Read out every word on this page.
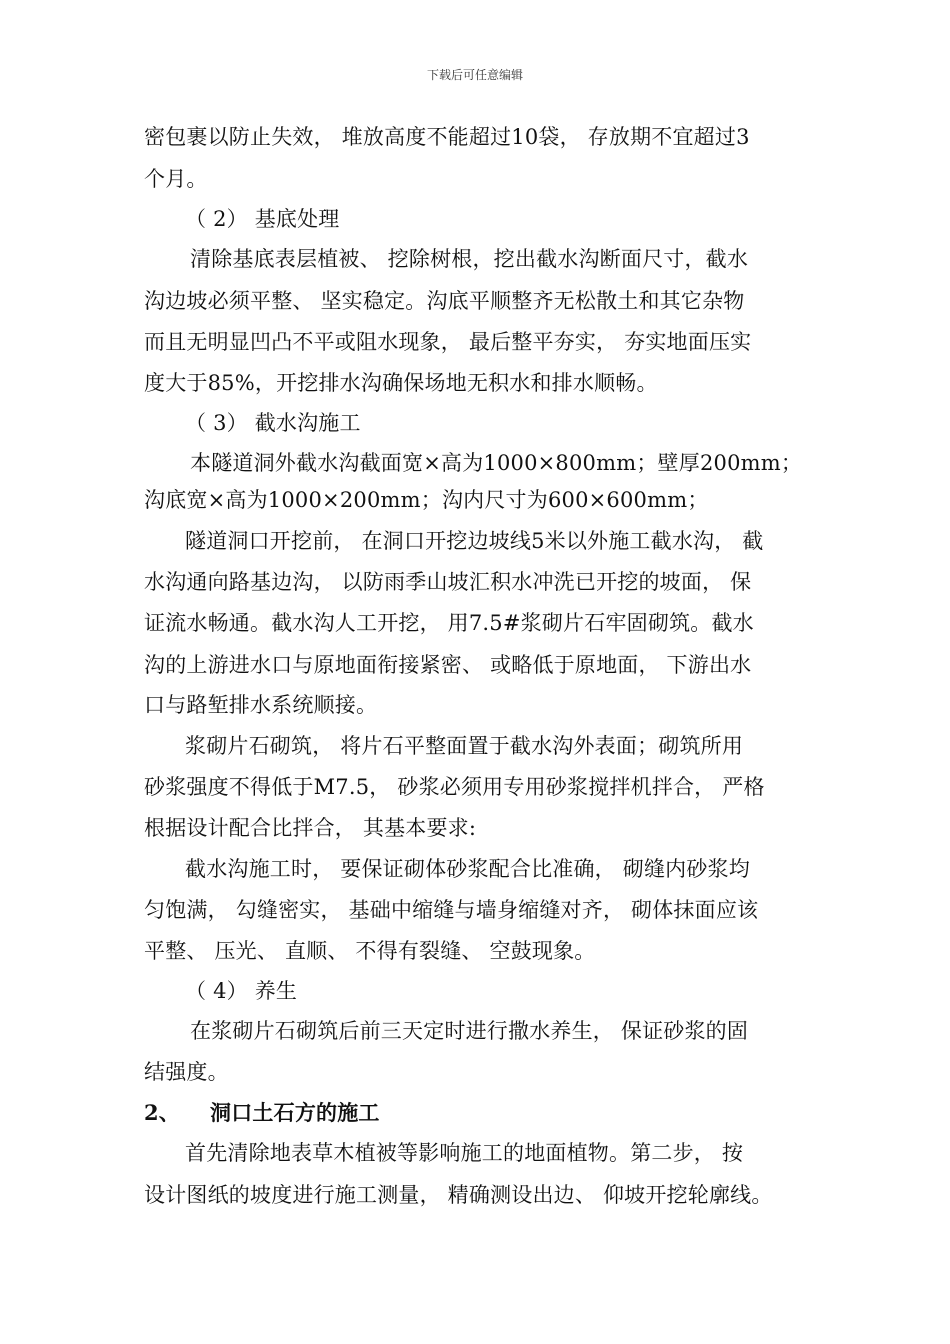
下载后可任意编辑
密包裹以防止失效， 堆放高度不能超过10袋， 存放期不宜超过3
个月。
（ 2） 基底处理
清除基底表层植被、 挖除树根，挖出截水沟断面尺寸，截水
沟边坡必须平整、 坚实稳定。沟底平顺整齐无松散土和其它杂物
而且无明显凹凸不平或阻水现象， 最后整平夯实， 夯实地面压实
度大于85%，开挖排水沟确保场地无积水和排水顺畅。
（ 3） 截水沟施工
本隧道洞外截水沟截面宽×高为1000×800mm；壁厚200mm；
沟底宽×高为1000×200mm；沟内尺寸为600×600mm；
隧道洞口开挖前， 在洞口开挖边坡线5米以外施工截水沟， 截
水沟通向路基边沟， 以防雨季山坡汇积水冲洗已开挖的坡面， 保
证流水畅通。截水沟人工开挖， 用7.5#浆砌片石牢固砌筑。截水
沟的上游进水口与原地面衔接紧密、 或略低于原地面， 下游出水
口与路堑排水系统顺接。
浆砌片石砌筑， 将片石平整面置于截水沟外表面；砌筑所用
砂浆强度不得低于M7.5， 砂浆必须用专用砂浆搅拌机拌合， 严格
根据设计配合比拌合， 其基本要求:
截水沟施工时， 要保证砌体砂浆配合比准确， 砌缝内砂浆均
匀饱满， 勾缝密实， 基础中缩缝与墙身缩缝对齐， 砌体抹面应该
平整、 压光、 直顺、 不得有裂缝、 空鼓现象。
（ 4） 养生
在浆砌片石砌筑后前三天定时进行撒水养生， 保证砂浆的固
结强度。
2、 洞口土石方的施工
首先清除地表草木植被等影响施工的地面植物。第二步， 按
设计图纸的坡度进行施工测量， 精确测设出边、 仰坡开挖轮廓线。
